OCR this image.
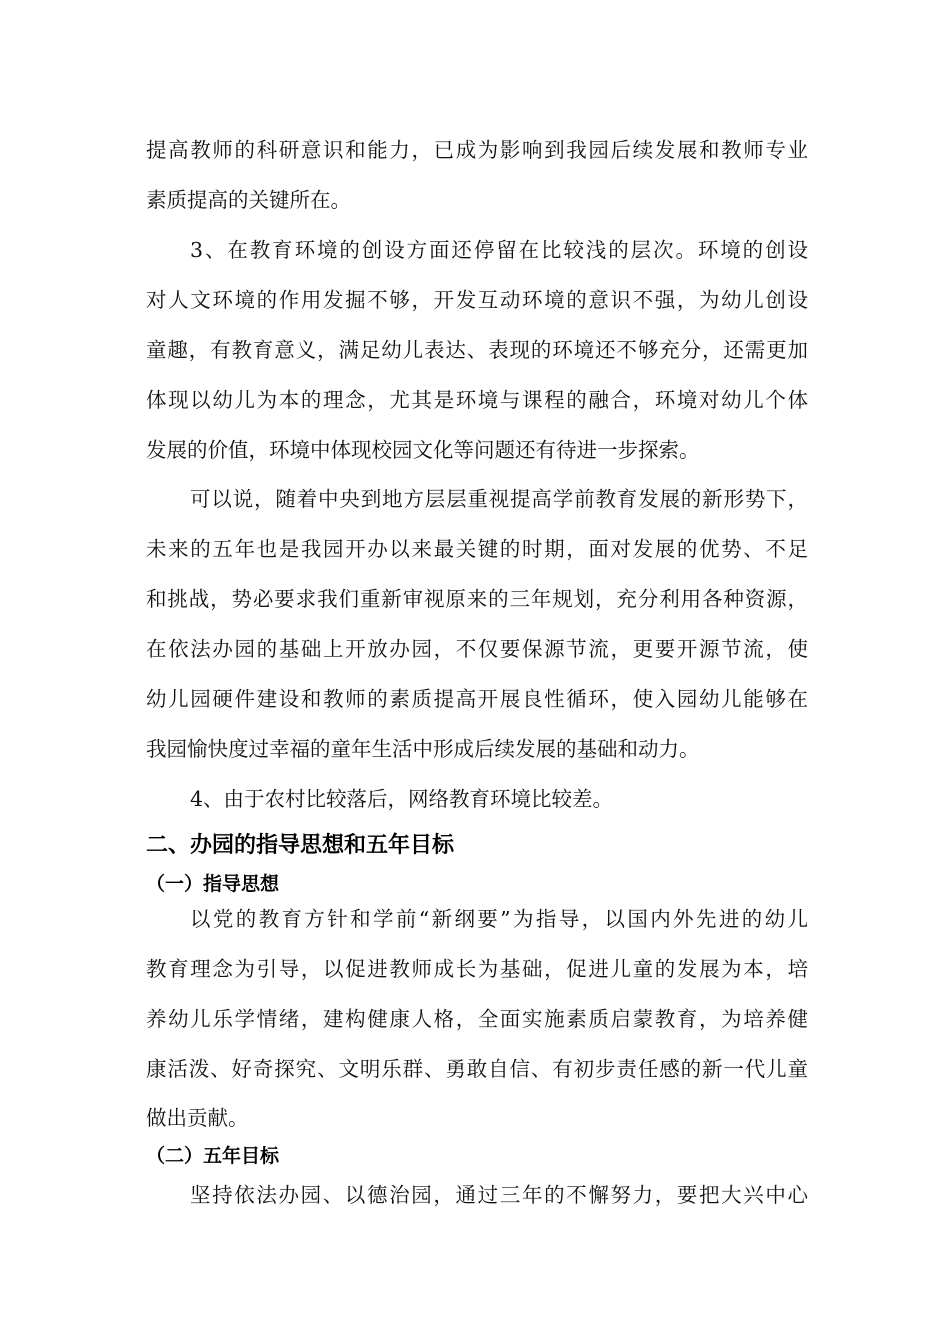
提高教师的科研意识和能力，已成为影响到我园后续发展和教师专业
素质提高的关键所在。
3、在教育环境的创设方面还停留在比较浅的层次。环境的创设
对人文环境的作用发掘不够，开发互动环境的意识不强，为幼儿创设
童趣，有教育意义，满足幼儿表达、表现的环境还不够充分，还需更加
体现以幼儿为本的理念，尤其是环境与课程的融合，环境对幼儿个体
发展的价值，环境中体现校园文化等问题还有待进一步探索。
可以说，随着中央到地方层层重视提高学前教育发展的新形势下，
未来的五年也是我园开办以来最关键的时期，面对发展的优势、不足
和挑战，势必要求我们重新审视原来的三年规划，充分利用各种资源，
在依法办园的基础上开放办园，不仅要保源节流，更要开源节流，使
幼儿园硬件建设和教师的素质提高开展良性循环，使入园幼儿能够在
我园愉快度过幸福的童年生活中形成后续发展的基础和动力。
4、由于农村比较落后，网络教育环境比较差。
二、办园的指导思想和五年目标
（一）指导思想
以党的教育方针和学前“新纲要”为指导，以国内外先进的幼儿
教育理念为引导，以促进教师成长为基础，促进儿童的发展为本，培
养幼儿乐学情绪，建构健康人格，全面实施素质启蒙教育，为培养健
康活泼、好奇探究、文明乐群、勇敢自信、有初步责任感的新一代儿童
做出贡献。
（二）五年目标
坚持依法办园、以德治园，通过三年的不懈努力，要把大兴中心
